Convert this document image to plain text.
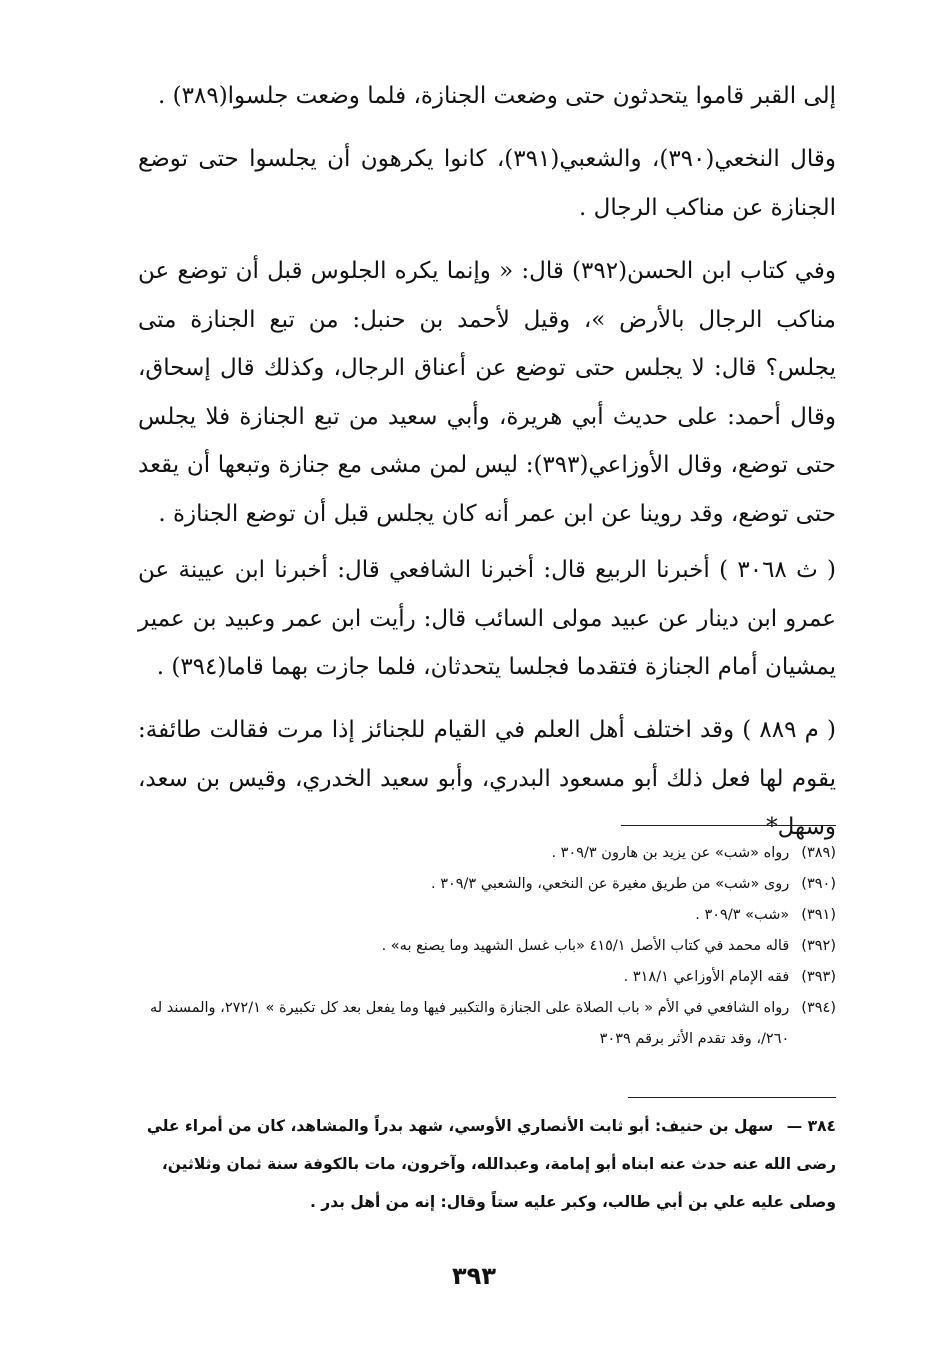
إلى القبر قاموا يتحدثون حتى وضعت الجنازة، فلما وضعت جلسوا(٣٨٩) .

وقال النخعي(٣٩٠)، والشعبي(٣٩١)، كانوا يكرهون أن يجلسوا حتى توضع الجنازة عن مناكب الرجال .

وفي كتاب ابن الحسن(٣٩٢) قال: « وإنما يكره الجلوس قبل أن توضع عن مناكب الرجال بالأرض »، وقيل لأحمد بن حنبل: من تبع الجنازة متى يجلس؟ قال: لا يجلس حتى توضع عن أعناق الرجال، وكذلك قال إسحاق، وقال أحمد: على حديث أبي هريرة، وأبي سعيد من تبع الجنازة فلا يجلس حتى توضع، وقال الأوزاعي(٣٩٣): ليس لمن مشى مع جنازة وتبعها أن يقعد حتى توضع، وقد روينا عن ابن عمر أنه كان يجلس قبل أن توضع الجنازة .

( ث ٣٠٦٨ ) أخبرنا الربيع قال: أخبرنا الشافعي قال: أخبرنا ابن عيينة عن عمرو ابن دينار عن عبيد مولى السائب قال: رأيت ابن عمر وعبيد بن عمير يمشيان أمام الجنازة فتقدما فجلسا يتحدثان، فلما جازت بهما قاما(٣٩٤) .

( م ٨٨٩ ) وقد اختلف أهل العلم في القيام للجنائز إذا مرت فقالت طائفة: يقوم لها فعل ذلك أبو مسعود البدري، وأبو سعيد الخدري، وقيس بن سعد، وسهل*

(٣٨٩)
رواه «شب» عن يزيد بن هارون ٣٠٩/٣ .
(٣٩٠)
روى «شب» من طريق مغيرة عن النخعي، والشعبي ٣٠٩/٣ .
(٣٩١)
«شب» ٣٠٩/٣ .
(٣٩٢)
قاله محمد في كتاب الأصل ٤١٥/١ «باب غسل الشهيد وما يصنع به» .
(٣٩٣)
فقه الإمام الأوزاعي ٣١٨/١ .
(٣٩٤)
رواه الشافعي في الأم « باب الصلاة على الجنازة والتكبير فيها وما يفعل بعد كل تكبيرة » ٢٧٢/١، والمسند له ٢٦٠/، وقد تقدم الأثر برقم ٣٠٣٩
٣٨٤ — سهل بن حنيف: أبو ثابت الأنصاري الأوسي، شهد بدراً والمشاهد، كان من أمراء علي رضى الله عنه حدث عنه ابناه أبو إمامة، وعبدالله، وآخرون، مات بالكوفة سنة ثمان وثلاثين، وصلى عليه علي بن أبي طالب، وكبر عليه ستاً وقال: إنه من أهل بدر .
٣٩٣
